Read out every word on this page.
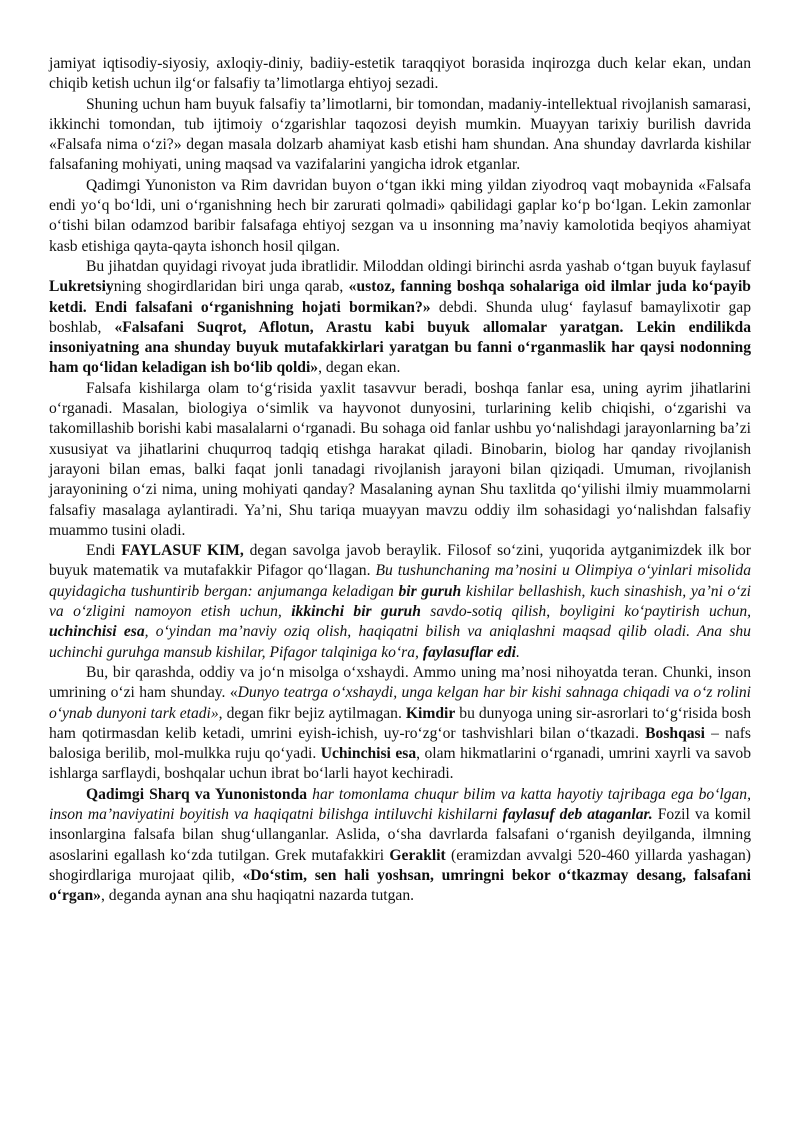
jamiyat iqtisodiy-siyosiy, axloqiy-diniy, badiiy-estetik taraqqiyot borasida inqirozga duch kelar ekan, undan chiqib ketish uchun ilg‘or falsafiy ta’limotlarga ehtiyoj sezadi.

Shuning uchun ham buyuk falsafiy ta’limotlarni, bir tomondan, madaniy-intellektual rivojlanish samarasi, ikkinchi tomondan, tub ijtimoiy o‘zgarishlar taqozosi deyish mumkin. Muayyan tarixiy burilish davrida «Falsafa nima o‘zi?» degan masala dolzarb ahamiyat kasb etishi ham shundan. Ana shunday davrlarda kishilar falsafaning mohiyati, uning maqsad va vazifalarini yangicha idrok etganlar.

Qadimgi Yunoniston va Rim davridan buyon o‘tgan ikki ming yildan ziyodroq vaqt mobaynida «Falsafa endi yo‘q bo‘ldi, uni o‘rganishning hech bir zarurati qolmadi» qabilidagi gaplar ko‘p bo‘lgan. Lekin zamonlar o‘tishi bilan odamzod baribir falsafaga ehtiyoj sezgan va u insonning ma’naviy kamolotida beqiyos ahamiyat kasb etishiga qayta-qayta ishonch hosil qilgan.

Bu jihatdan quyidagi rivoyat juda ibratlidir. Miloddan oldingi birinchi asrda yashab o‘tgan buyuk faylasuf Lukretsiyning shogirdlaridan biri unga qarab, «ustoz, fanning boshqa sohalariga oid ilmlar juda ko‘payib ketdi. Endi falsafani o‘rganishning hojati bormikan?» debdi. Shunda ulug‘ faylasuf bamaylixotir gap boshlab, «Falsafani Suqrot, Aflotun, Arastu kabi buyuk allomalar yaratgan. Lekin endilikda insoniyatning ana shunday buyuk mutafakkirlari yaratgan bu fanni o‘rganmaslik har qaysi nodonning ham qo‘lidan keladigan ish bo‘lib qoldi», degan ekan.

Falsafa kishilarga olam to‘g‘risida yaxlit tasavvur beradi, boshqa fanlar esa, uning ayrim jihatlarini o‘rganadi. Masalan, biologiya o‘simlik va hayvonot dunyosini, turlarining kelib chiqishi, o‘zgarishi va takomillashib borishi kabi masalalarni o‘rganadi. Bu sohaga oid fanlar ushbu yo‘nalishdagi jarayonlarning ba’zi xususiyat va jihatlarini chuqurroq tadqiq etishga harakat qiladi. Binobarin, biolog har qanday rivojlanish jarayoni bilan emas, balki faqat jonli tanadagi rivojlanish jarayoni bilan qiziqadi. Umuman, rivojlanish jarayonining o‘zi nima, uning mohiyati qanday? Masalaning aynan Shu taxlitda qo‘yilishi ilmiy muammolarni falsafiy masalaga aylantiradi. Ya’ni, Shu tariqa muayyan mavzu oddiy ilm sohasidagi yo‘nalishdan falsafiy muammo tusini oladi.

Endi FAYLASUF KIM, degan savolga javob beraylik. Filosof so‘zini, yuqorida aytganimizdek ilk bor buyuk matematik va mutafakkir Pifagor qo‘llagan. Bu tushunchaning ma’nosini u Olimpiya o‘yinlari misolida quyidagicha tushuntirib bergan: anjumanga keladigan bir guruh kishilar bellashish, kuch sinashish, ya’ni o‘zi va o‘zligini namoyon etish uchun, ikkinchi bir guruh savdo-sotiq qilish, boyligini ko‘paytirish uchun, uchinchisi esa, o‘yindan ma’naviy oziq olish, haqiqatni bilish va aniqlashni maqsad qilib oladi. Ana shu uchinchi guruhga mansub kishilar, Pifagor talqiniga ko‘ra, faylasuflar edi.

Bu, bir qarashda, oddiy va jo‘n misolga o‘xshaydi. Ammo uning ma’nosi nihoyatda teran. Chunki, inson umrining o‘zi ham shunday. «Dunyo teatrga o‘xshaydi, unga kelgan har bir kishi sahnaga chiqadi va o‘z rolini o‘ynab dunyoni tark etadi», degan fikr bejiz aytilmagan. Kimdir bu dunyoga uning sir-asrorlari to‘g‘risida bosh ham qotirmasdan kelib ketadi, umrini eyish-ichish, uy-ro‘zg‘or tashvishlari bilan o‘tkazadi. Boshqasi – nafs balosiga berilib, mol-mulkka ruju qo‘yadi. Uchinchisi esa, olam hikmatlarini o‘rganadi, umrini xayrli va savob ishlarga sarflaydi, boshqalar uchun ibrat bo‘larli hayot kechiradi.

Qadimgi Sharq va Yunonistonda har tomonlama chuqur bilim va katta hayotiy tajribaga ega bo‘lgan, inson ma’naviyatini boyitish va haqiqatni bilishga intiluvchi kishilarni faylasuf deb ataganlar. Fozil va komil insonlargina falsafa bilan shug‘ullanganlar. Aslida, o‘sha davrlarda falsafani o‘rganish deyilganda, ilmning asoslarini egallash ko‘zda tutilgan. Grek mutafakkiri Geraklit (eramizdan avvalgi 520-460 yillarda yashagan) shogirdlariga murojaat qilib, «Do‘stim, sen hali yoshsan, umringni bekor o‘tkazmay desang, falsafani o‘rgan», deganda aynan ana shu haqiqatni nazarda tutgan.
